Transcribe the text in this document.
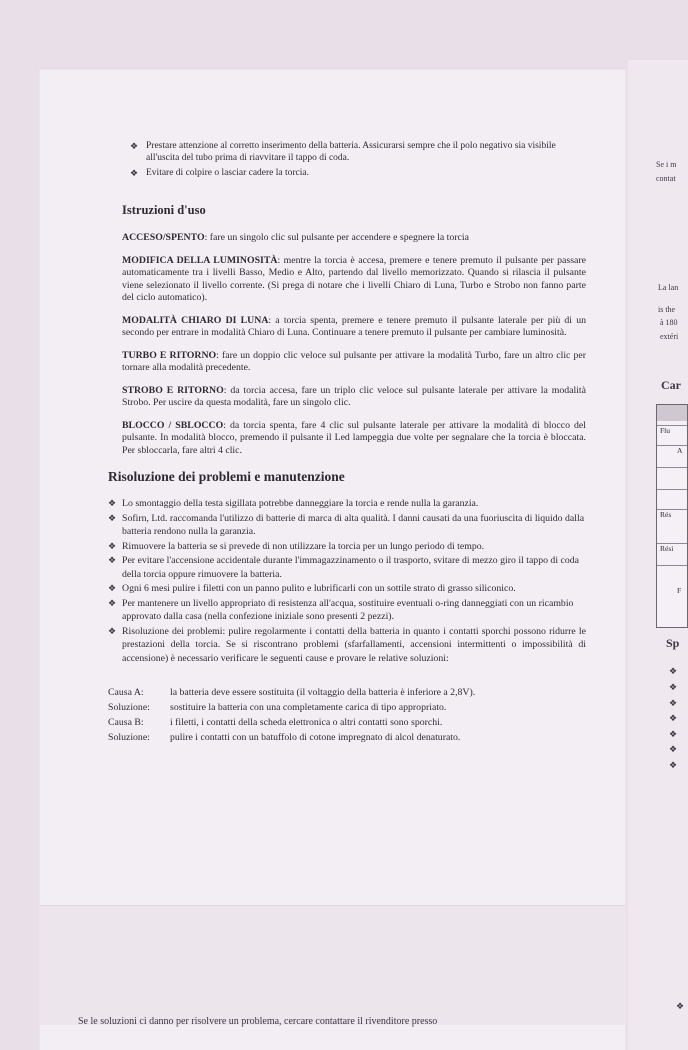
❖ Prestare attenzione al corretto inserimento della batteria. Assicurarsi sempre che il polo negativo sia visibile all'uscita del tubo prima di riavvitare il tappo di coda.
❖ Evitare di colpire o lasciar cadere la torcia.
Istruzioni d'uso

ACCESO/SPENTO: fare un singolo clic sul pulsante per accendere e spegnere la torcia

MODIFICA DELLA LUMINOSITÀ: mentre la torcia è accesa, premere e tenere premuto il pulsante per passare automaticamente tra i livelli Basso, Medio e Alto, partendo dal livello memorizzato. Quando si rilascia il pulsante viene selezionato il livello corrente. (Si prega di notare che i livelli Chiaro di Luna, Turbo e Strobo non fanno parte del ciclo automatico).

MODALITÀ CHIARO DI LUNA: a torcia spenta, premere e tenere premuto il pulsante laterale per più di un secondo per entrare in modalità Chiaro di Luna. Continuare a tenere premuto il pulsante per cambiare luminosità.

TURBO E RITORNO: fare un doppio clic veloce sul pulsante per attivare la modalità Turbo, fare un altro clic per tornare alla modalità precedente.

STROBO E RITORNO: da torcia accesa, fare un triplo clic veloce sul pulsante laterale per attivare la modalità Strobo. Per uscire da questa modalità, fare un singolo clic.

BLOCCO / SBLOCCO: da torcia spenta, fare 4 clic sul pulsante laterale per attivare la modalità di blocco del pulsante. In modalità blocco, premendo il pulsante il Led lampeggia due volte per segnalare che la torcia è bloccata. Per sbloccarla, fare altri 4 clic.

Risoluzione dei problemi e manutenzione
❖ Lo smontaggio della testa sigillata potrebbe danneggiare la torcia e rende nulla la garanzia.
❖ Sofirn, Ltd. raccomanda l'utilizzo di batterie di marca di alta qualità. I danni causati da una fuoriuscita di liquido dalla batteria rendono nulla la garanzia.
❖ Rimuovere la batteria se si prevede di non utilizzare la torcia per un lungo periodo di tempo.
❖ Per evitare l'accensione accidentale durante l'immagazzinamento o il trasporto, svitare di mezzo giro il tappo di coda della torcia oppure rimuovere la batteria.
❖ Ogni 6 mesi pulire i filetti con un panno pulito e lubrificarli con un sottile strato di grasso siliconico.
❖ Per mantenere un livello appropriato di resistenza all'acqua, sostituire eventuali o-ring danneggiati con un ricambio approvato dalla casa (nella confezione iniziale sono presenti 2 pezzi).
❖ Risoluzione dei problemi: pulire regolarmente i contatti della batteria in quanto i contatti sporchi possono ridurre le prestazioni della torcia. Se si riscontrano problemi (sfarfallamenti, accensioni intermittenti o impossibilità di accensione) è necessario verificare le seguenti cause e provare le relative soluzioni:
Causa A:	la batteria deve essere sostituita (il voltaggio della batteria è inferiore a 2,8V).
Soluzione:	sostituire la batteria con una completamente carica di tipo appropriato.
Causa B:	i filetti, i contatti della scheda elettronica o altri contatti sono sporchi.
Soluzione:	pulire i contatti con un batuffolo di cotone impregnato di alcol denaturato.
Se i m
contat
La lan
is the
à 180
extéri
Car
Flu
A
Rés
Rési
F
Sp
❖
❖
❖
❖
❖
❖
❖
❖
Se le soluzioni ci danno per risolvere un problema, cercare contattare il rivenditore presso
